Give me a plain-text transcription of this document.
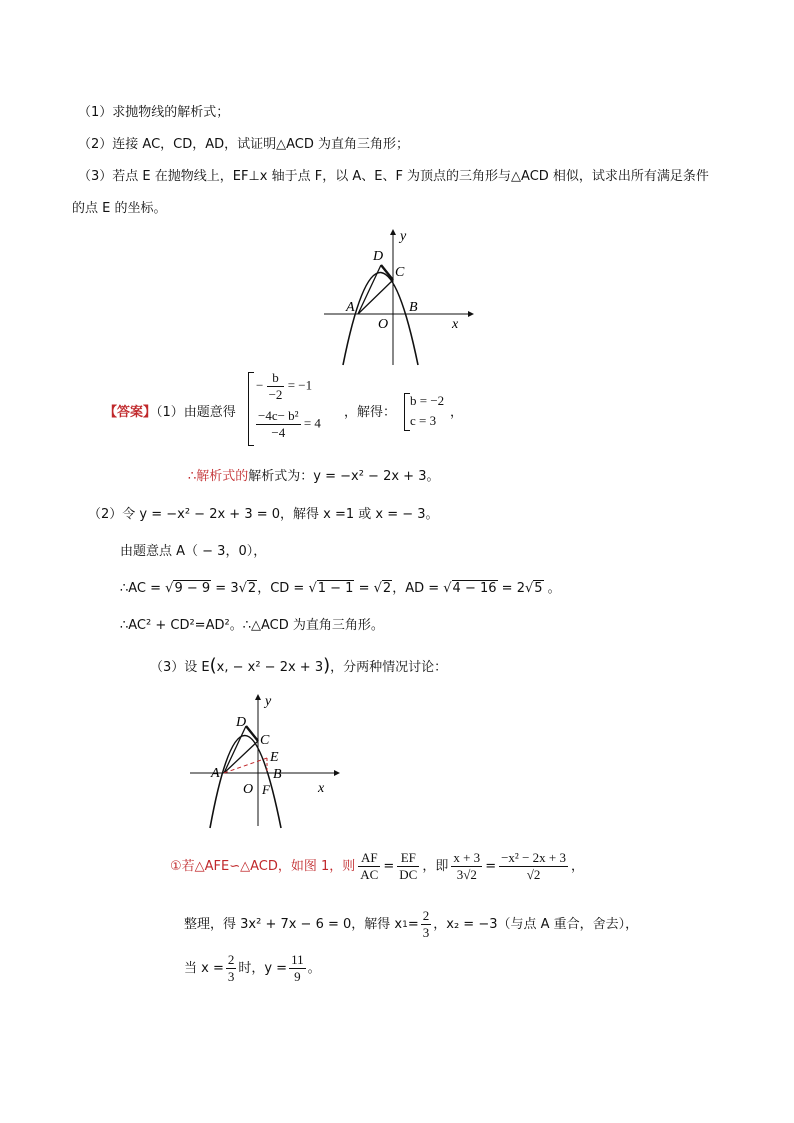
（1）求抛物线的解析式；
（2）连接 AC，CD，AD，试证明△ACD 为直角三角形；
（3）若点 E 在抛物线上，EF⊥x 轴于点 F，以 A、E、F 为顶点的三角形与△ACD 相似，试求出所有满足条件
的点 E 的坐标。
D
C
A	B
O	x
y
【答案】（1）由题意得
− $\frac{b}{-2} = -1$
$\frac{\text{−4c− b²}}{-4} = 4$
，解得：
b = −2
c = 3
，
∴解析式的解析式为：y = −x² − 2x + 3。
（2）令 y = −x² − 2x + 3 = 0，解得 x =1 或 x = − 3。
由题意点 A（ − 3，0），
∴AC = √9 − 9 = 3√2，CD = √1 − 1 = √2，AD = √4 − 16 = 2√5 。
∴AC² + CD²=AD²。∴△ACD 为直角三角形。
（3）设 E(x, − x² − 2x + 3)，分两种情况讨论：
D
C
E
A	B
O F	x
y
①若△AFE∽△ACD，如图 1，则 $\frac{AF}{AC} = \frac{EF}{DC}$ ，即 $\frac{x + 3}{3√2} = \frac{\text{−x² − 2x + 3}}{√2}$ ，
整理，得 3x² + 7x − 6 = 0，解得 x $1 = \frac{2}{3}$ ，x₂ = −3（与点 A 重合，舍去），
当 $x = \frac{2}{3}$ 时，$y = \frac{11}{9}$ 。
